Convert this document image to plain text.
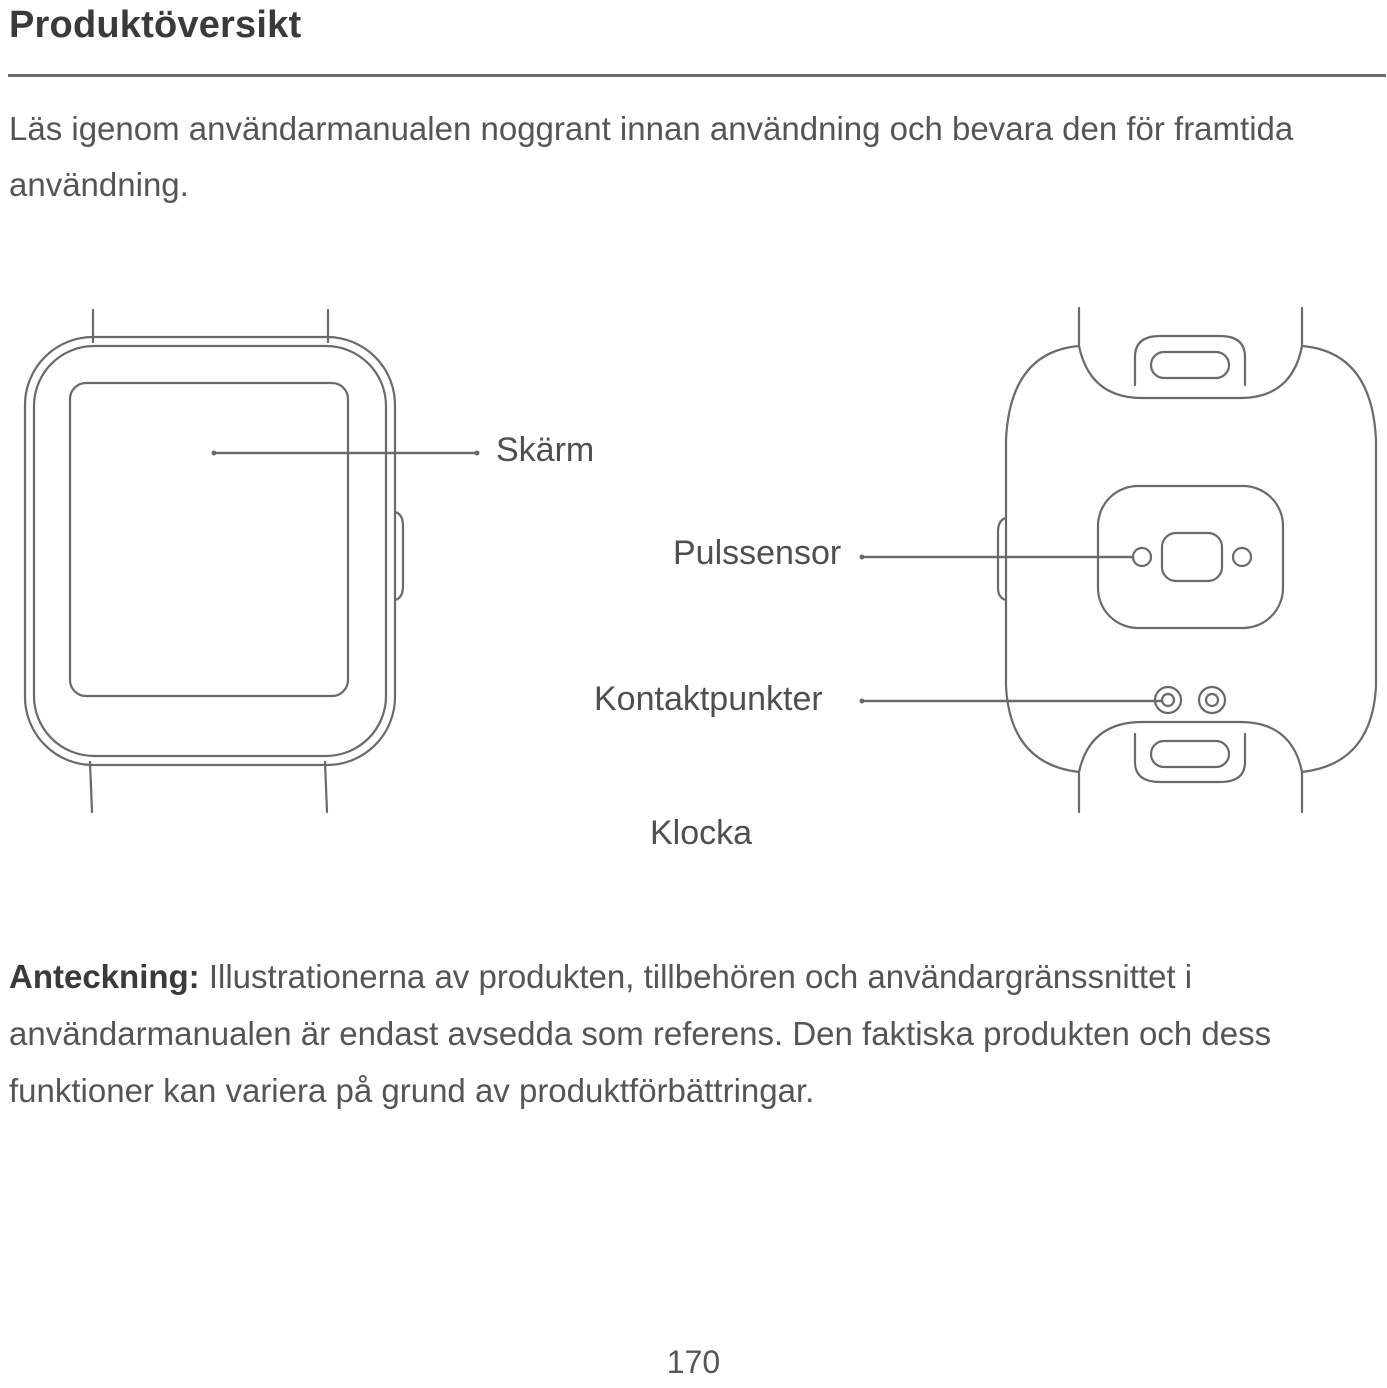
Produktöversikt

Läs igenom användarmanualen noggrant innan användning och bevara den för framtida användning.

Skärm
Pulssensor
Kontaktpunkter
Klocka

Anteckning: Illustrationerna av produkten, tillbehören och användargränssnittet i användarmanualen är endast avsedda som referens. Den faktiska produkten och dess funktioner kan variera på grund av produktförbättringar.

170
